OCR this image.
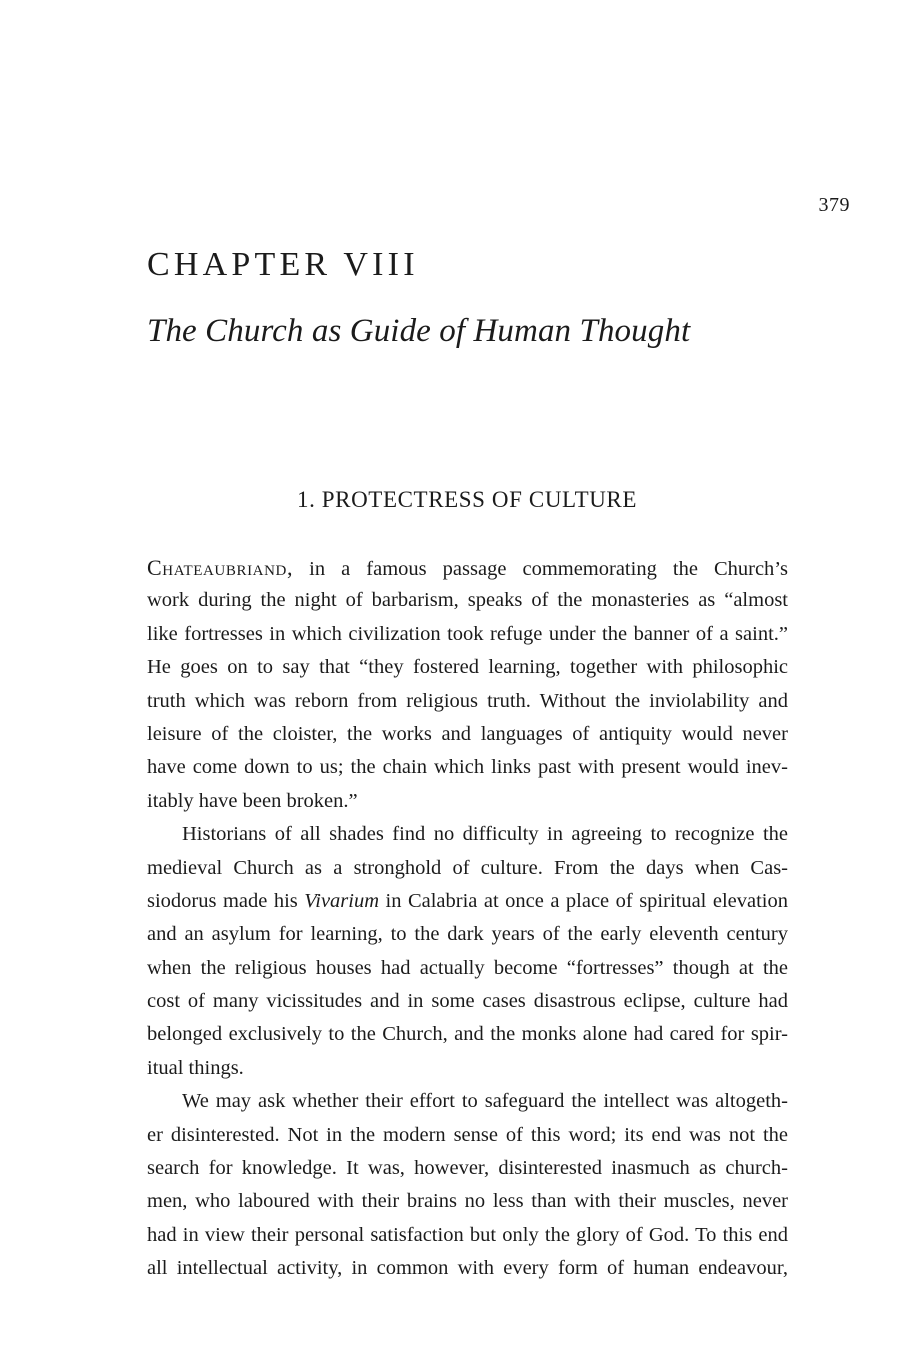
379
CHAPTER VIII
The Church as Guide of Human Thought
1. PROTECTRESS OF CULTURE
Chateaubriand, in a famous passage commemorating the Church’s
work during the night of barbarism, speaks of the monasteries as “almost
like fortresses in which civilization took refuge under the banner of a saint.”
He goes on to say that “they fostered learning, together with philosophic
truth which was reborn from religious truth. Without the inviolability and
leisure of the cloister, the works and languages of antiquity would never
have come down to us; the chain which links past with present would inev-
itably have been broken.”
Historians of all shades find no difficulty in agreeing to recognize the
medieval Church as a stronghold of culture. From the days when Cas-
siodorus made his Vivarium in Calabria at once a place of spiritual elevation
and an asylum for learning, to the dark years of the early eleventh century
when the religious houses had actually become “fortresses” though at the
cost of many vicissitudes and in some cases disastrous eclipse, culture had
belonged exclusively to the Church, and the monks alone had cared for spir-
itual things.
We may ask whether their effort to safeguard the intellect was altogeth-
er disinterested. Not in the modern sense of this word; its end was not the
search for knowledge. It was, however, disinterested inasmuch as church-
men, who laboured with their brains no less than with their muscles, never
had in view their personal satisfaction but only the glory of God. To this end
all intellectual activity, in common with every form of human endeavour,
